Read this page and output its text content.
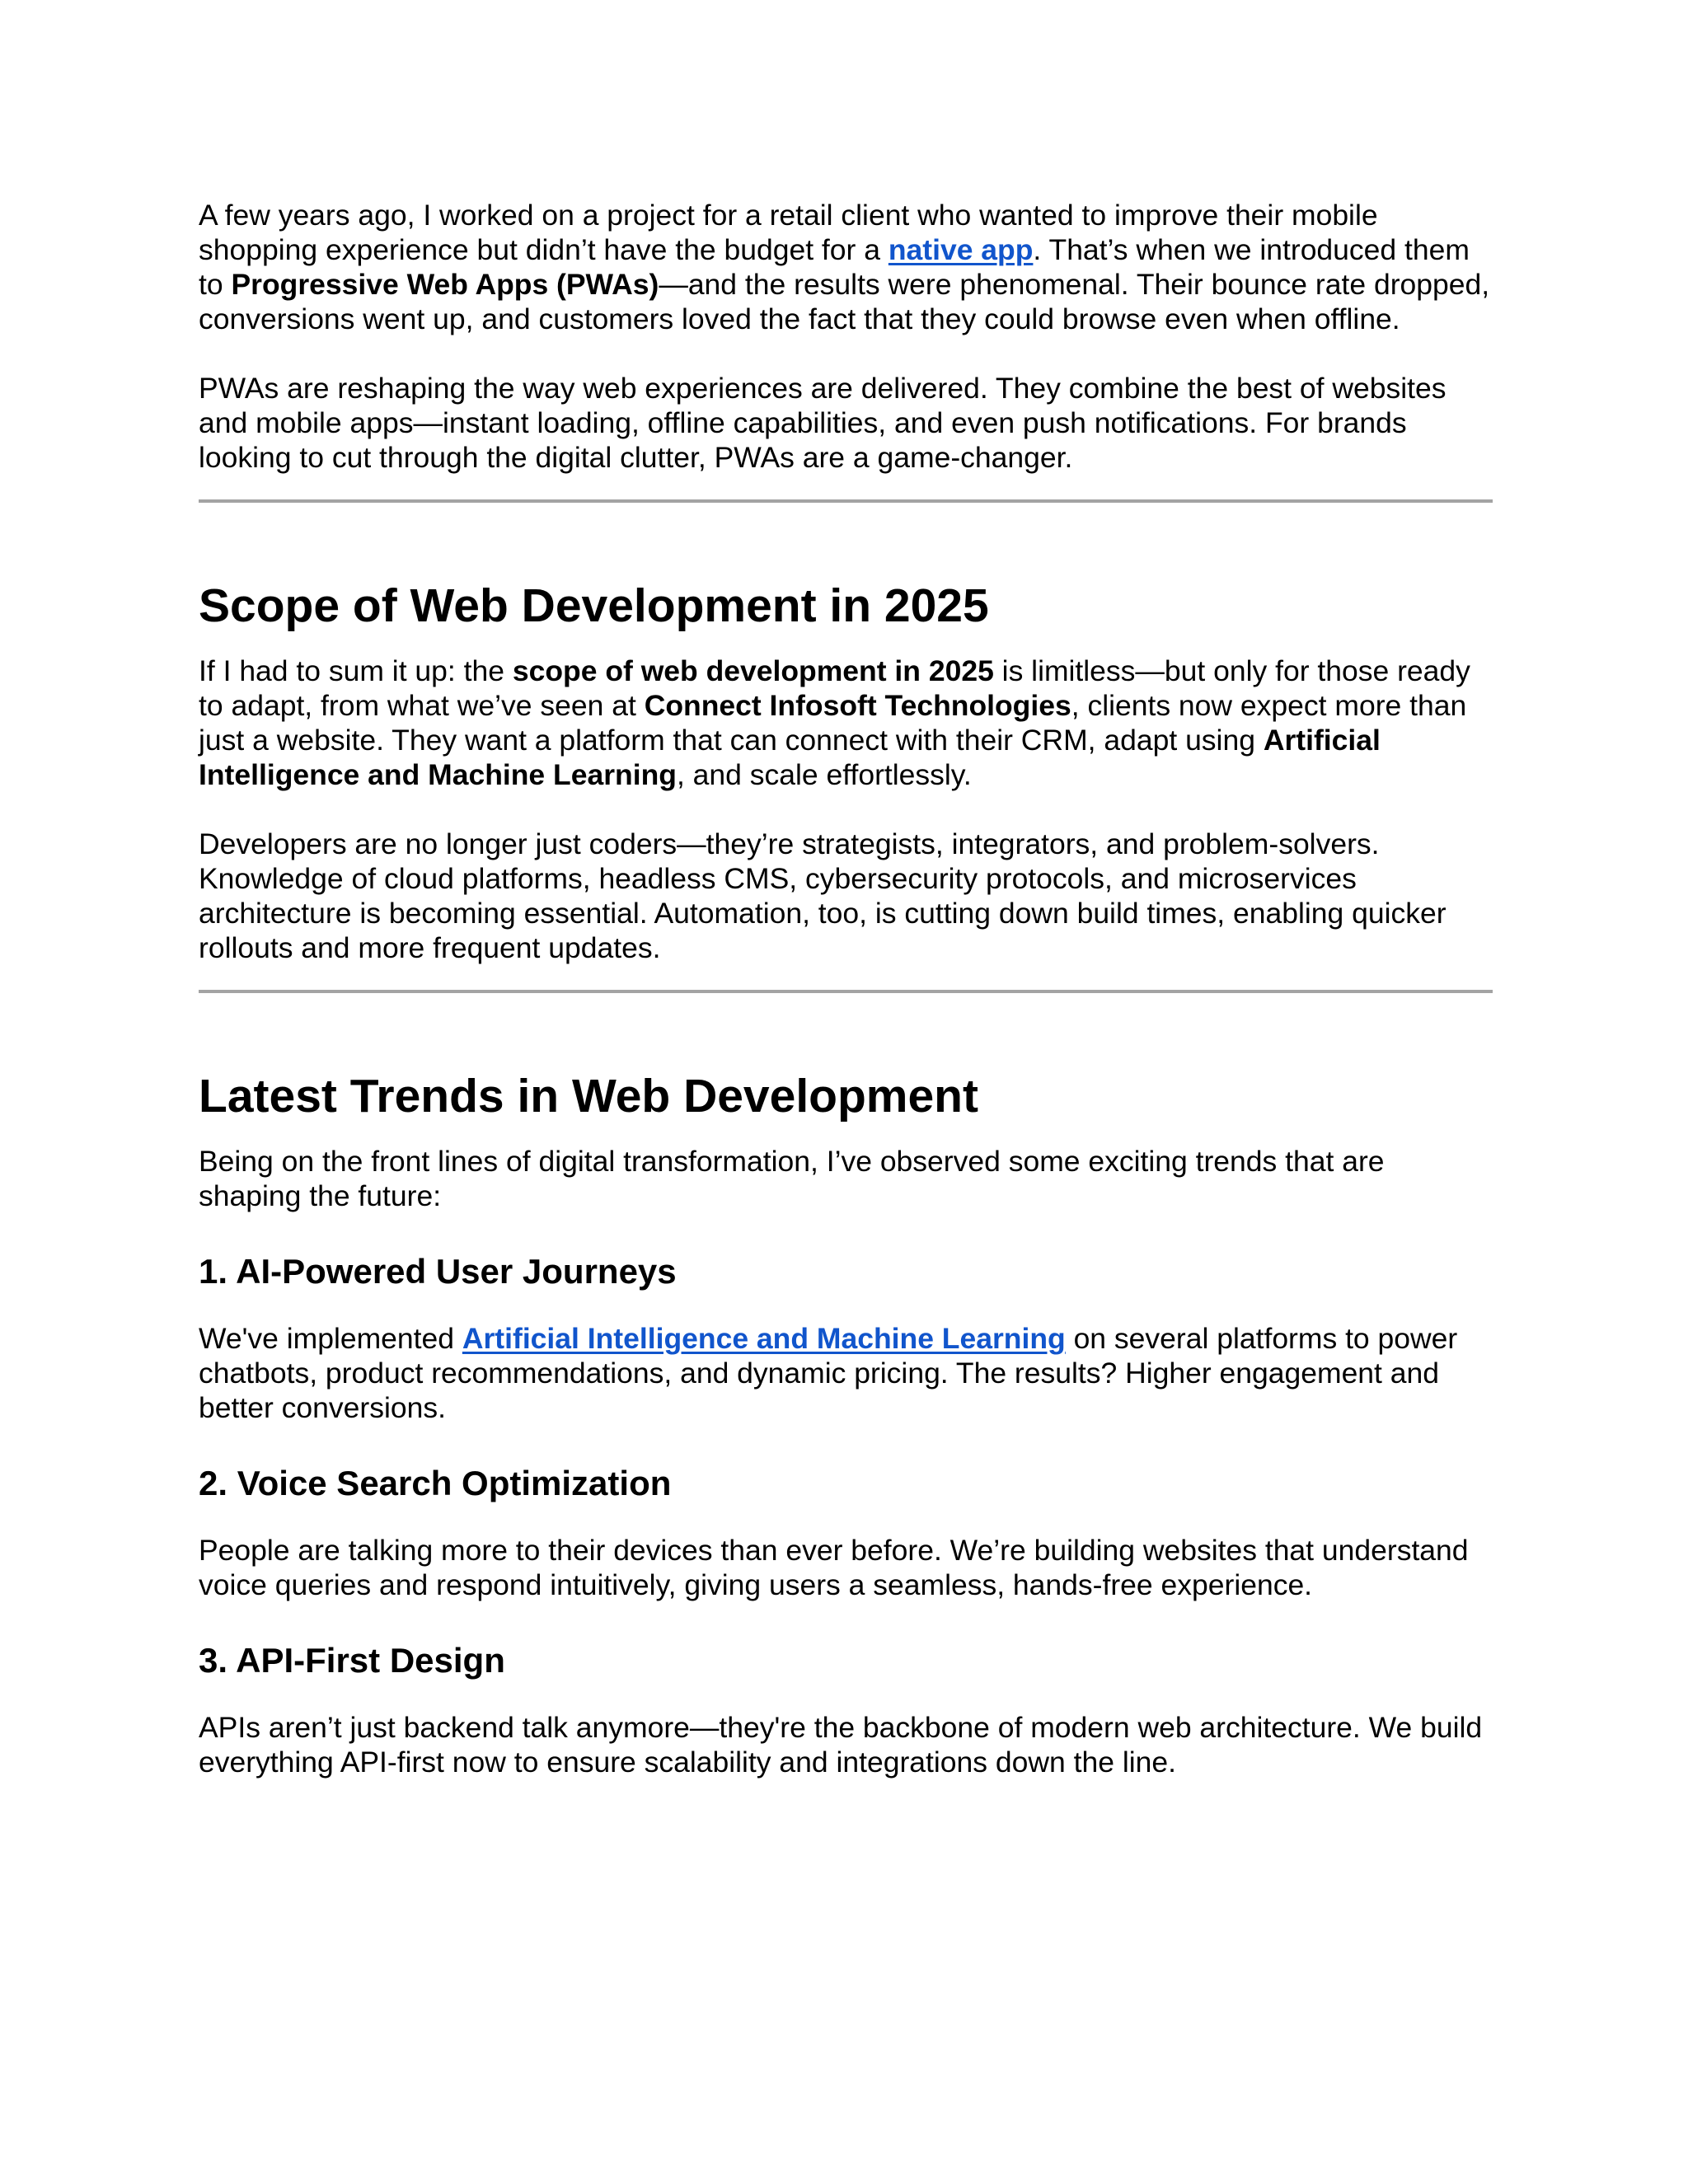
A few years ago, I worked on a project for a retail client who wanted to improve their mobile shopping experience but didn’t have the budget for a native app. That’s when we introduced them to Progressive Web Apps (PWAs)—and the results were phenomenal. Their bounce rate dropped, conversions went up, and customers loved the fact that they could browse even when offline.

PWAs are reshaping the way web experiences are delivered. They combine the best of websites and mobile apps—instant loading, offline capabilities, and even push notifications. For brands looking to cut through the digital clutter, PWAs are a game-changer.

Scope of Web Development in 2025

If I had to sum it up: the scope of web development in 2025 is limitless—but only for those ready to adapt, from what we’ve seen at Connect Infosoft Technologies, clients now expect more than just a website. They want a platform that can connect with their CRM, adapt using Artificial Intelligence and Machine Learning, and scale effortlessly.

Developers are no longer just coders—they’re strategists, integrators, and problem-solvers. Knowledge of cloud platforms, headless CMS, cybersecurity protocols, and microservices architecture is becoming essential. Automation, too, is cutting down build times, enabling quicker rollouts and more frequent updates.

Latest Trends in Web Development

Being on the front lines of digital transformation, I’ve observed some exciting trends that are shaping the future:

1. AI-Powered User Journeys

We've implemented Artificial Intelligence and Machine Learning on several platforms to power chatbots, product recommendations, and dynamic pricing. The results? Higher engagement and better conversions.

2. Voice Search Optimization

People are talking more to their devices than ever before. We’re building websites that understand voice queries and respond intuitively, giving users a seamless, hands-free experience.

3. API-First Design

APIs aren’t just backend talk anymore—they're the backbone of modern web architecture. We build everything API-first now to ensure scalability and integrations down the line.
